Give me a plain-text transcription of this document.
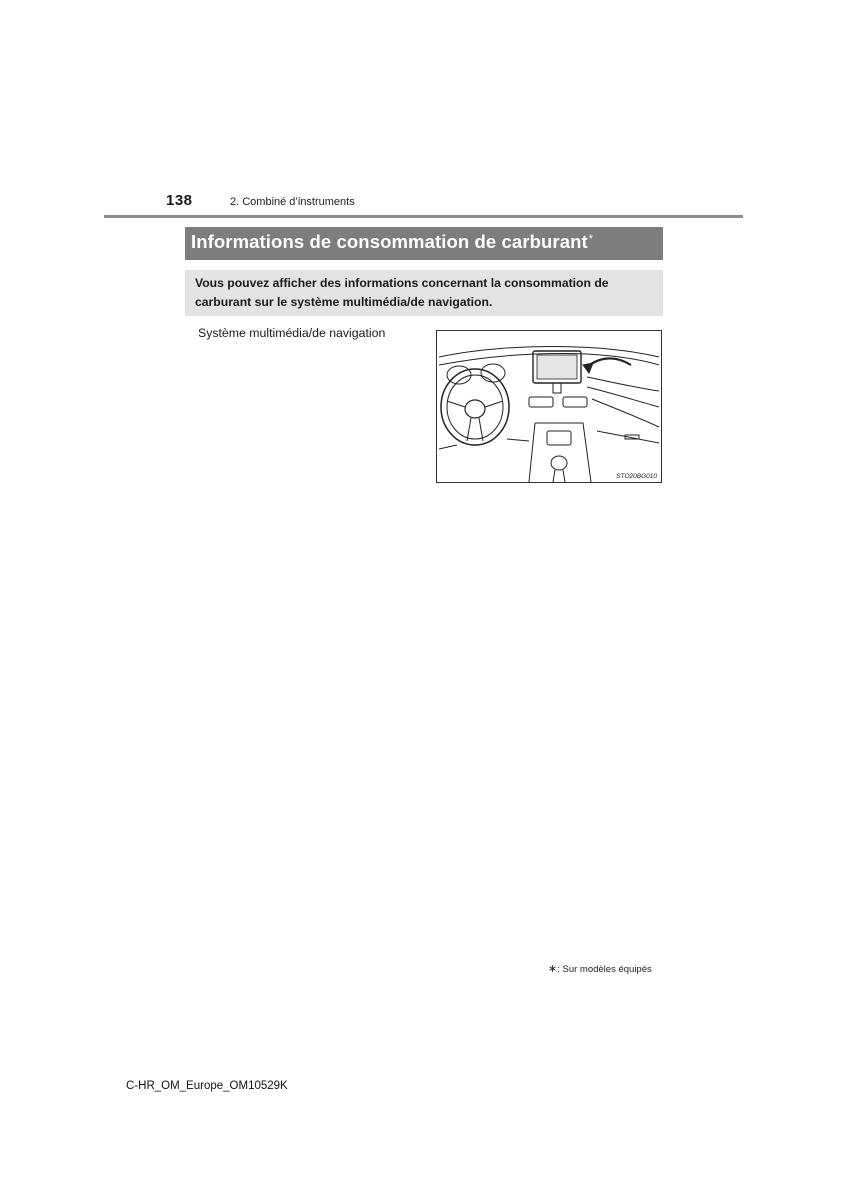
138	2. Combiné d’instruments
Informations de consommation de carburant*
Vous pouvez afficher des informations concernant la consommation de
carburant sur le système multimédia/de navigation.
Système multimédia/de navigation
STO20BG010
∗: Sur modèles équipés
C-HR_OM_Europe_OM10529K
